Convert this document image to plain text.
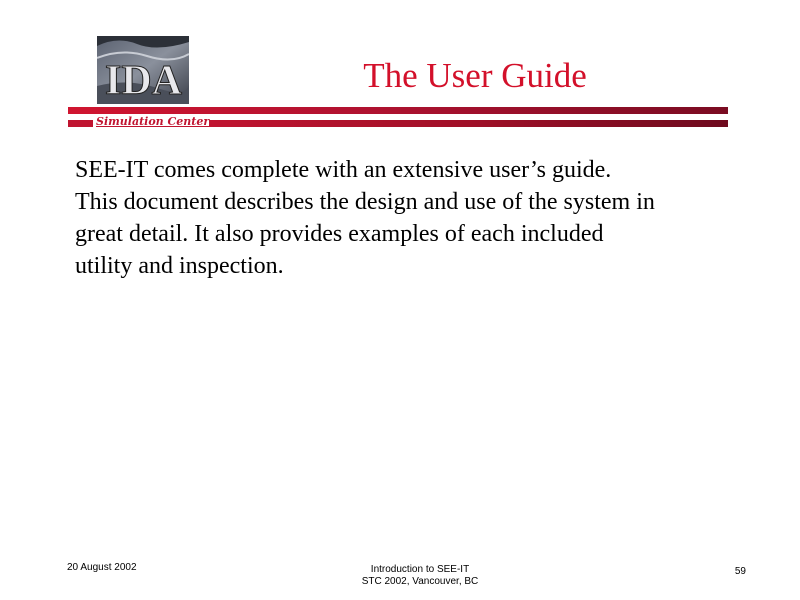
IDA	The User Guide
Simulation Center
SEE-IT comes complete with an extensive user’s guide.
This document describes the design and use of the system in
great detail. It also provides examples of each included
utility and inspection.
20 August 2002	Introduction to SEE-IT
STC 2002, Vancouver, BC
59
